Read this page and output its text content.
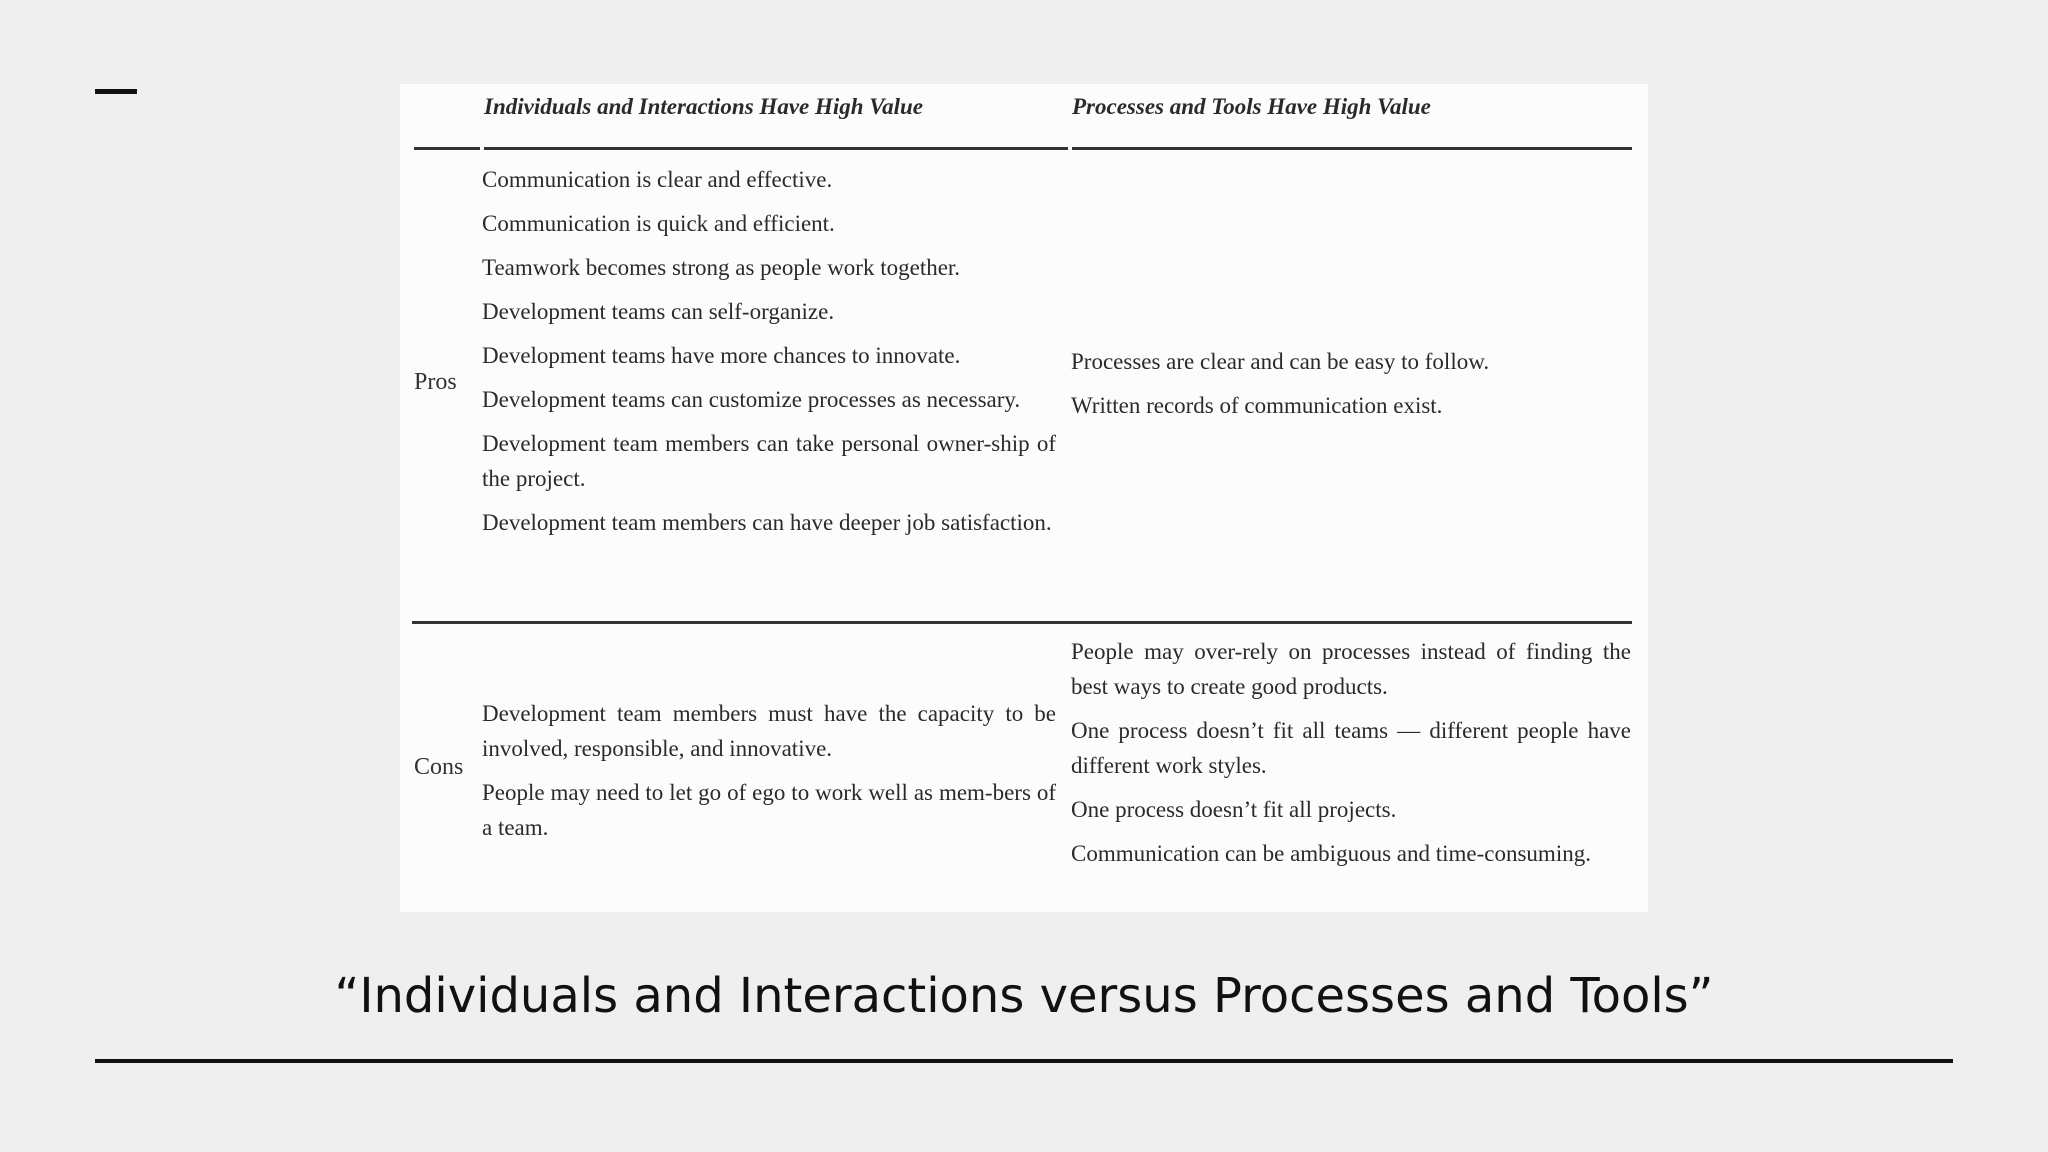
Individuals and Interactions Have High Value	Processes and Tools Have High Value
Pros

Communication is clear and effective.

Communication is quick and efficient.

Teamwork becomes strong as people work together.

Development teams can self-organize.

Development teams have more chances to innovate.

Development teams can customize processes as necessary.

Development team members can take personal owner-ship of the project.

Development team members can have deeper job satisfaction.

Processes are clear and can be easy to follow.

Written records of communication exist.

Cons

Development team members must have the capacity to be involved, responsible, and innovative.

People may need to let go of ego to work well as mem-bers of a team.

People may over-rely on processes instead of finding the best ways to create good products.

One process doesn’t fit all teams — different people have different work styles.

One process doesn’t fit all projects.

Communication can be ambiguous and time-consuming.

“Individuals and Interactions versus Processes and Tools”
